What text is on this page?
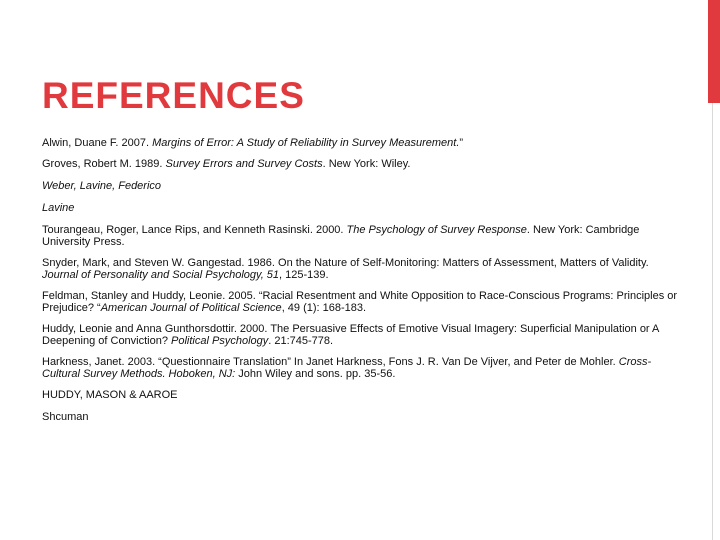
REFERENCES

Alwin, Duane F. 2007. Margins of Error: A Study of Reliability in Survey Measurement.”

Groves, Robert M. 1989. Survey Errors and Survey Costs. New York: Wiley.

Weber, Lavine, Federico

Lavine

Tourangeau, Roger, Lance Rips, and Kenneth Rasinski. 2000. The Psychology of Survey Response. New York: Cambridge University Press.

Snyder, Mark, and Steven W. Gangestad. 1986. On the Nature of Self‑Monitoring: Matters of Assessment, Matters of Validity. Journal of Personality and Social Psychology, 51, 125‑139.

Feldman, Stanley and Huddy, Leonie. 2005. “Racial Resentment and White Opposition to Race-Conscious Programs: Principles or Prejudice? “American Journal of Political Science, 49 (1): 168-183.

Huddy, Leonie and Anna Gunthorsdottir. 2000. The Persuasive Effects of Emotive Visual Imagery: Superficial Manipulation or A Deepening of Conviction? Political Psychology. 21:745-778.

Harkness, Janet. 2003. “Questionnaire Translation” In Janet Harkness, Fons J. R. Van De Vijver, and Peter de Mohler. Cross-Cultural Survey Methods. Hoboken, NJ: John Wiley and sons. pp. 35-56.

HUDDY, MASON & AAROE

Shcuman
